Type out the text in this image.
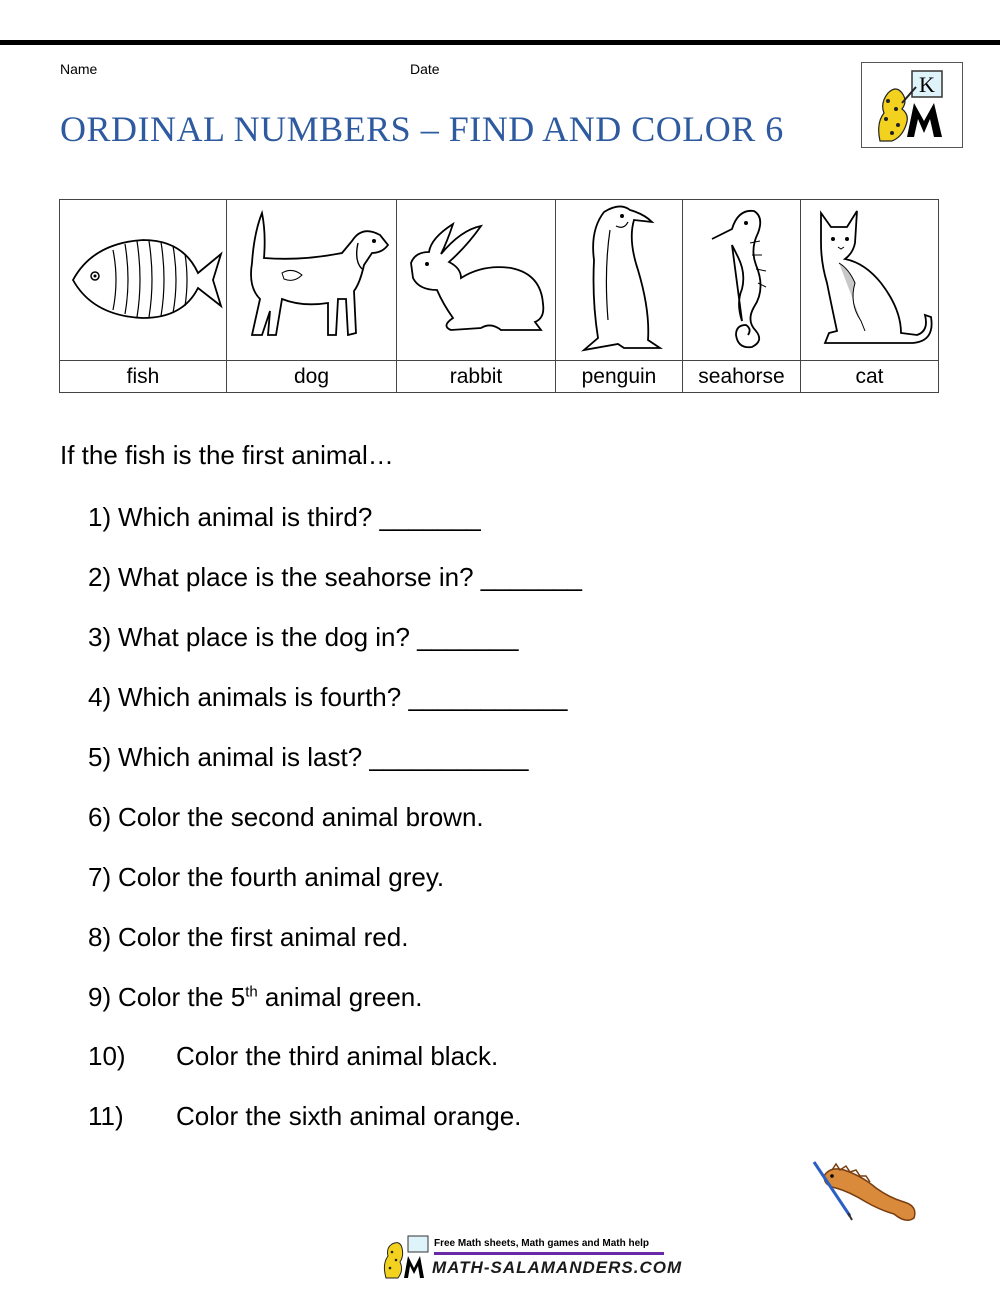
Name	Date
ORDINAL NUMBERS – FIND AND COLOR 6
K

fish	dog	rabbit	penguin	seahorse	cat
If the fish is the first animal…
1) Which animal is third? _______
2) What place is the seahorse in? _______
3) What place is the dog in? _______
4) Which animals is fourth? ___________
5) Which animal is last? ___________
6) Color the second animal brown.
7) Color the fourth animal grey.
8) Color the first animal red.
9) Color the 5th animal green.
10) Color the third animal black.
11) Color the sixth animal orange.
Free Math sheets, Math games and Math help
MATH-SALAMANDERS.COM
